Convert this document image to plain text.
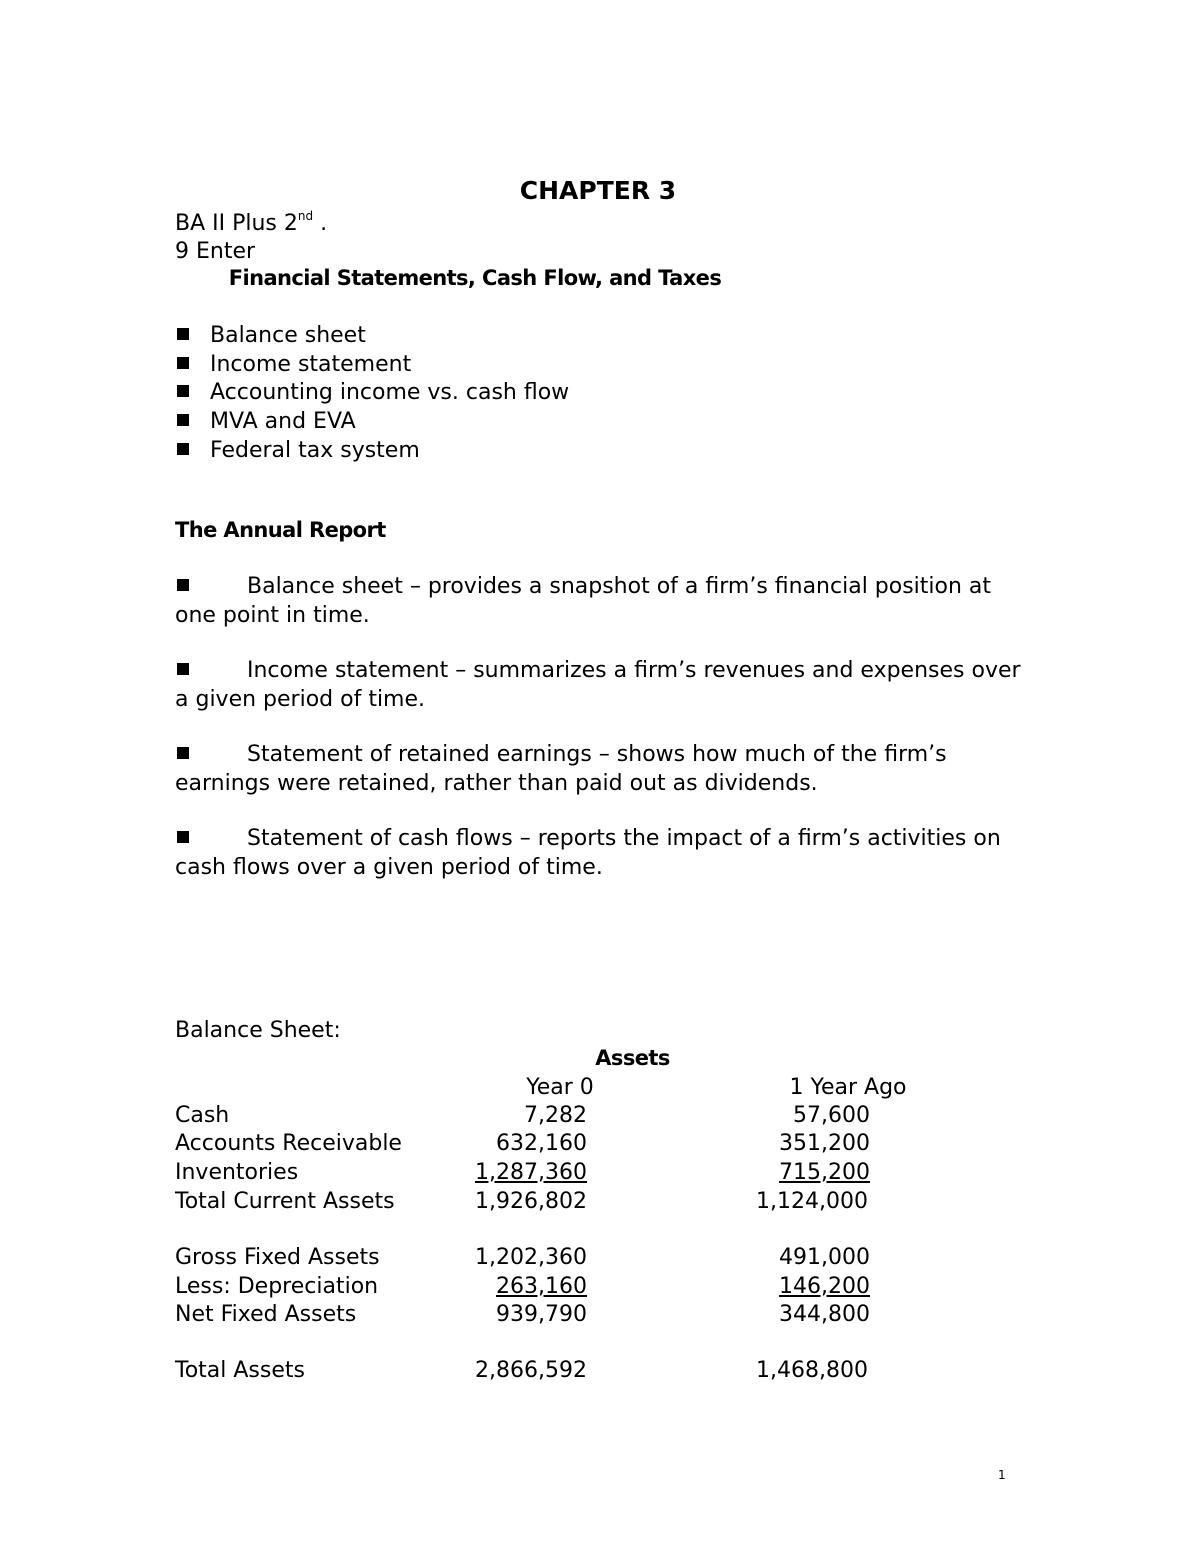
CHAPTER 3
BA II Plus 2nd .
9 Enter
Financial Statements, Cash Flow, and Taxes
Balance sheet
Income statement
Accounting income vs. cash flow
MVA and EVA
Federal tax system
The Annual Report
Balance sheet – provides a snapshot of a firm’s financial position at one point in time.
Income statement – summarizes a firm’s revenues and expenses over a given period of time.
Statement of retained earnings – shows how much of the firm’s earnings were retained, rather than paid out as dividends.
Statement of cash flows – reports the impact of a firm’s activities on cash flows over a given period of time.
Balance Sheet:
Assets
Year 0	1 Year Ago
Cash	7,282	57,600
Accounts Receivable	632,160	351,200
Inventories	1,287,360	715,200
Total Current Assets	1,926,802	1,124,000
Gross Fixed Assets	1,202,360	491,000
Less: Depreciation	263,160	146,200
Net Fixed Assets	939,790	344,800
Total Assets	2,866,592	1,468,800
1
